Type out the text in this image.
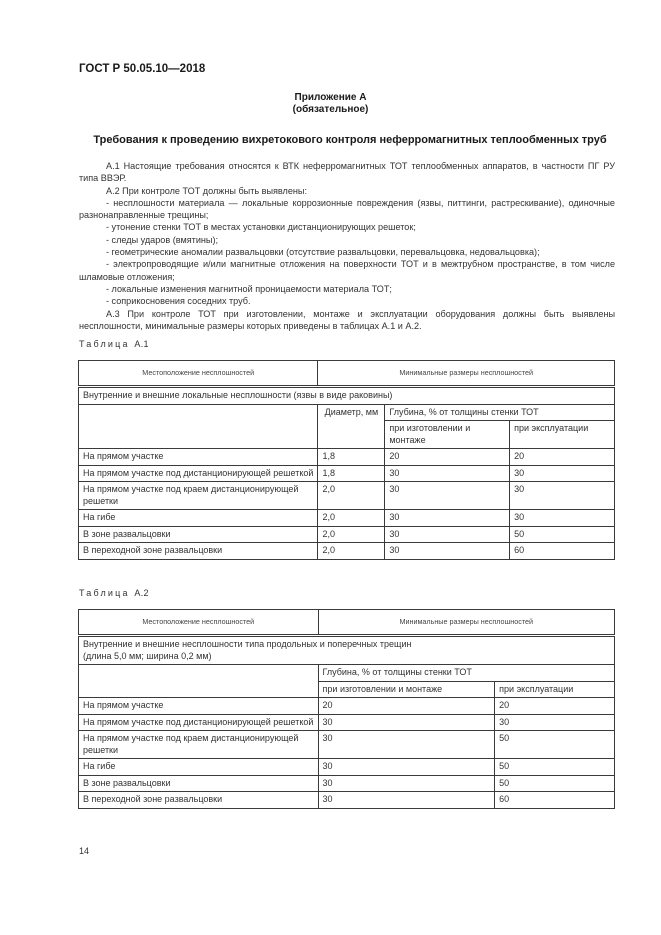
ГОСТ Р 50.05.10—2018
Приложение А
(обязательное)
Требования к проведению вихретокового контроля неферромагнитных теплообменных труб

А.1 Настоящие требования относятся к ВТК неферромагнитных ТОТ теплообменных аппаратов, в частности ПГ РУ типа ВВЭР.

А.2 При контроле ТОТ должны быть выявлены:

- несплошности материала — локальные коррозионные повреждения (язвы, питтинги, растрескивание), одиночные разнонаправленные трещины;

- утонение стенки ТОТ в местах установки дистанционирующих решеток;

- следы ударов (вмятины);

- геометрические аномалии развальцовки (отсутствие развальцовки, перевальцовка, недовальцовка);

- электропроводящие и/или магнитные отложения на поверхности ТОТ и в межтрубном пространстве, в том числе шламовые отложения;

- локальные изменения магнитной проницаемости материала ТОТ;

- соприкосновения соседних труб.

А.3 При контроле ТОТ при изготовлении, монтаже и эксплуатации оборудования должны быть выявлены несплошности, минимальные размеры которых приведены в таблицах А.1 и А.2.

Таблица А.1
Местоположение несплошностей	Минимальные размеры несплошностей		
Внутренние и внешние локальные несплошности (язвы в виде раковины)			
	Диаметр, мм	Глубина, % от толщины стенки ТОТ	
		при изготовлении и монтаже	при эксплуатации
На прямом участке	1,8	20	20
На прямом участке под дистанционирующей решеткой	1,8	30	30
На прямом участке под краем дистанционирующей решетки	2,0	30	30
На гибе	2,0	30	30
В зоне развальцовки	2,0	30	50
В переходной зоне развальцовки	2,0	30	60
Таблица А.2
Местоположение несплошностей	Минимальные размеры несплошностей	

Внутренние и внешние несплошности типа продольных и поперечных трещин
(длина 5,0 мм; ширина 0,2 мм)		

	Глубина, % от толщины стенки ТОТ	
	при изготовлении и монтаже	при эксплуатации
На прямом участке	20	20
На прямом участке под дистанционирующей решеткой	30	30
На прямом участке под краем дистанционирующей решетки	30	50
На гибе	30	50
В зоне развальцовки	30	50
В переходной зоне развальцовки	30	60
14
